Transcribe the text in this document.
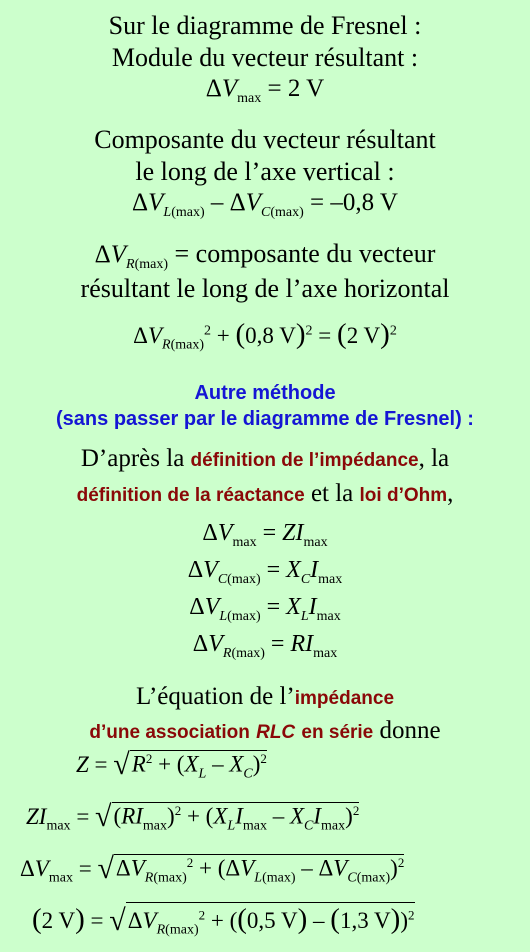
Sur le diagramme de Fresnel :
Module du vecteur résultant :
$\Delta V_{max} = 2$ V
Composante du vecteur résultant
le long de l’axe vertical :
$\Delta V_{L(max)} - \Delta V_{C(max)} = -0,8$ V
$\Delta V_{R(max)}$ = composante du vecteur
résultant le long de l’axe horizontal
$\Delta V_{R(max)}^2 + (0,8$ V)$^2$ = (2 V)$^2$
Autre méthode
(sans passer par le diagramme de Fresnel) :
D’après la définition de l’impédance, la
définition de la réactance et la loi d’Ohm,
$\Delta V_{max} = ZI_{max}$
$\Delta V_{C(max)} = X_CI_{max}$
$\Delta V_{L(max)} = X_LI_{max}$
$\Delta V_{R(max)} = RI_{max}$
L’équation de l’impédance
d’une association RLC en série donne
$Z = √R^2 + (X_L - X_C)^2$
$ZI_{max} = √(RI_{max})^2 + (X_LI_{max} - X_CI_{max})^2$
$\Delta V_{max} = √\Delta V_{R(max)}^2 + (\Delta V_{L(max)} - \Delta V_{C(max)})^2$
(2 $V) = √\Delta V_{R(max)}^2 + ((0,5$ V) – (1,3 V))$^2$
